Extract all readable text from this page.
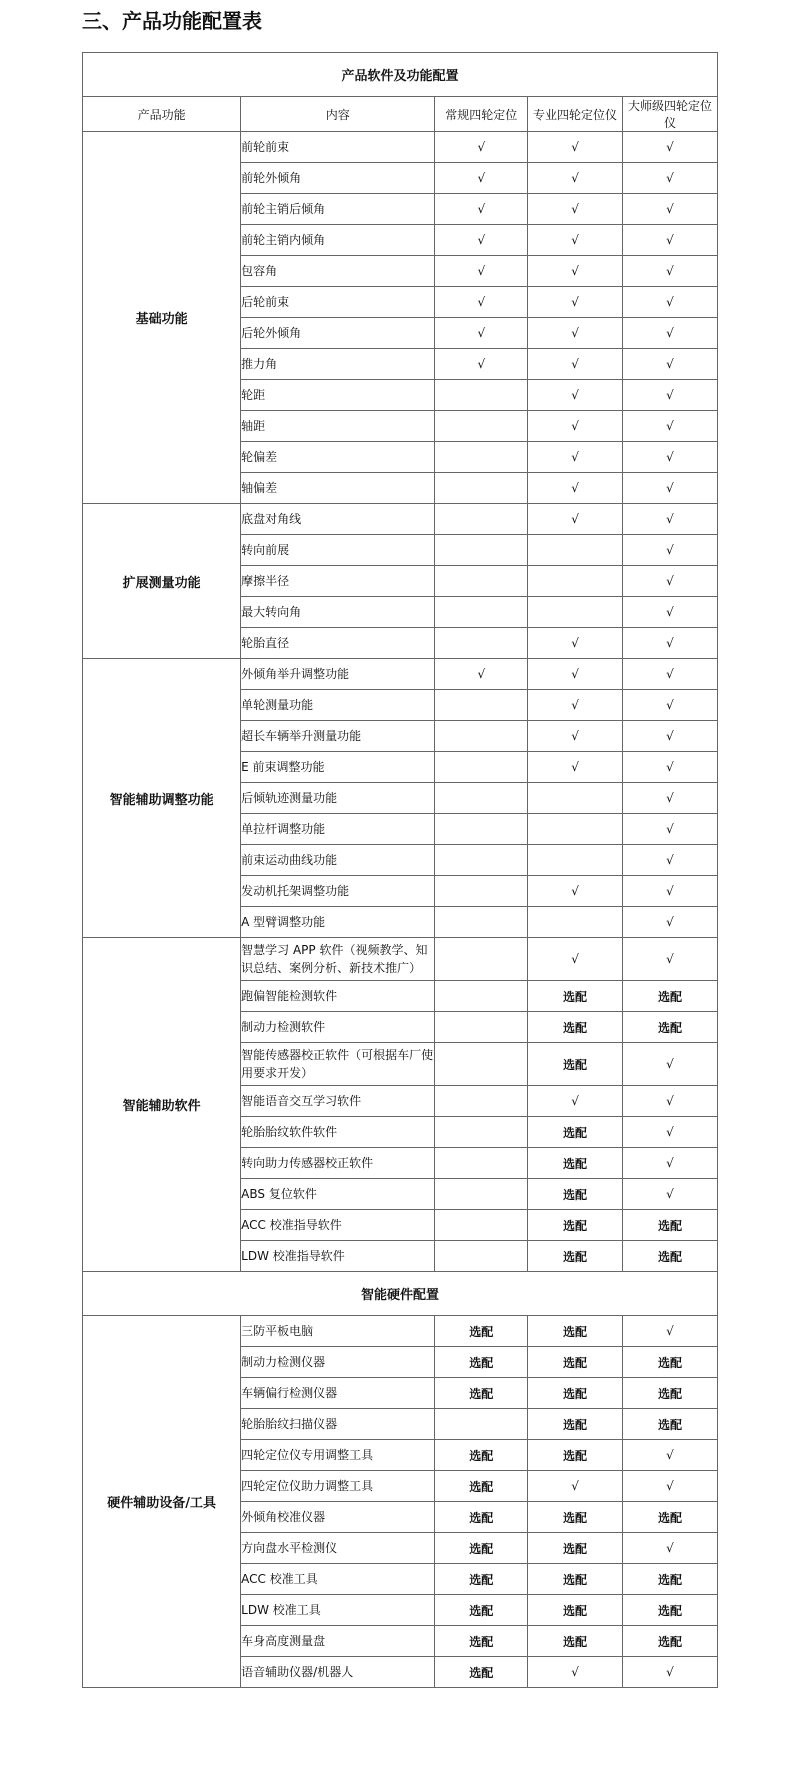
三、产品功能配置表
产品软件及功能配置				
产品功能	内容	常规四轮定位	专业四轮定位仪	大师级四轮定位仪
基础功能	前轮前束	√	√	√
	前轮外倾角	√	√	√
	前轮主销后倾角	√	√	√
	前轮主销内倾角	√	√	√
	包容角	√	√	√
	后轮前束	√	√	√
	后轮外倾角	√	√	√
	推力角	√	√	√
	轮距		√	√
	轴距		√	√
	轮偏差		√	√
	轴偏差		√	√
扩展测量功能	底盘对角线		√	√
	转向前展			√
	摩擦半径			√
	最大转向角			√
	轮胎直径		√	√
智能辅助调整功能	外倾角举升调整功能	√	√	√
	单轮测量功能		√	√
	超长车辆举升测量功能		√	√
	E 前束调整功能		√	√
	后倾轨迹测量功能			√
	单拉杆调整功能			√
	前束运动曲线功能			√
	发动机托架调整功能		√	√
	A 型臂调整功能			√
智能辅助软件	智慧学习 APP 软件（视频教学、知识总结、案例分析、新技术推广）		√	√
	跑偏智能检测软件		选配	选配
	制动力检测软件		选配	选配
	智能传感器校正软件（可根据车厂使用要求开发）		选配	√
	智能语音交互学习软件		√	√
	轮胎胎纹软件软件		选配	√
	转向助力传感器校正软件		选配	√
	ABS 复位软件		选配	√
	ACC 校准指导软件		选配	选配
	LDW 校准指导软件		选配	选配
智能硬件配置				
硬件辅助设备/工具	三防平板电脑	选配	选配	√
	制动力检测仪器	选配	选配	选配
	车辆偏行检测仪器	选配	选配	选配
	轮胎胎纹扫描仪器		选配	选配
	四轮定位仪专用调整工具	选配	选配	√
	四轮定位仪助力调整工具	选配	√	√
	外倾角校准仪器	选配	选配	选配
	方向盘水平检测仪	选配	选配	√
	ACC 校准工具	选配	选配	选配
	LDW 校准工具	选配	选配	选配
	车身高度测量盘	选配	选配	选配
	语音辅助仪器/机器人	选配	√	√
